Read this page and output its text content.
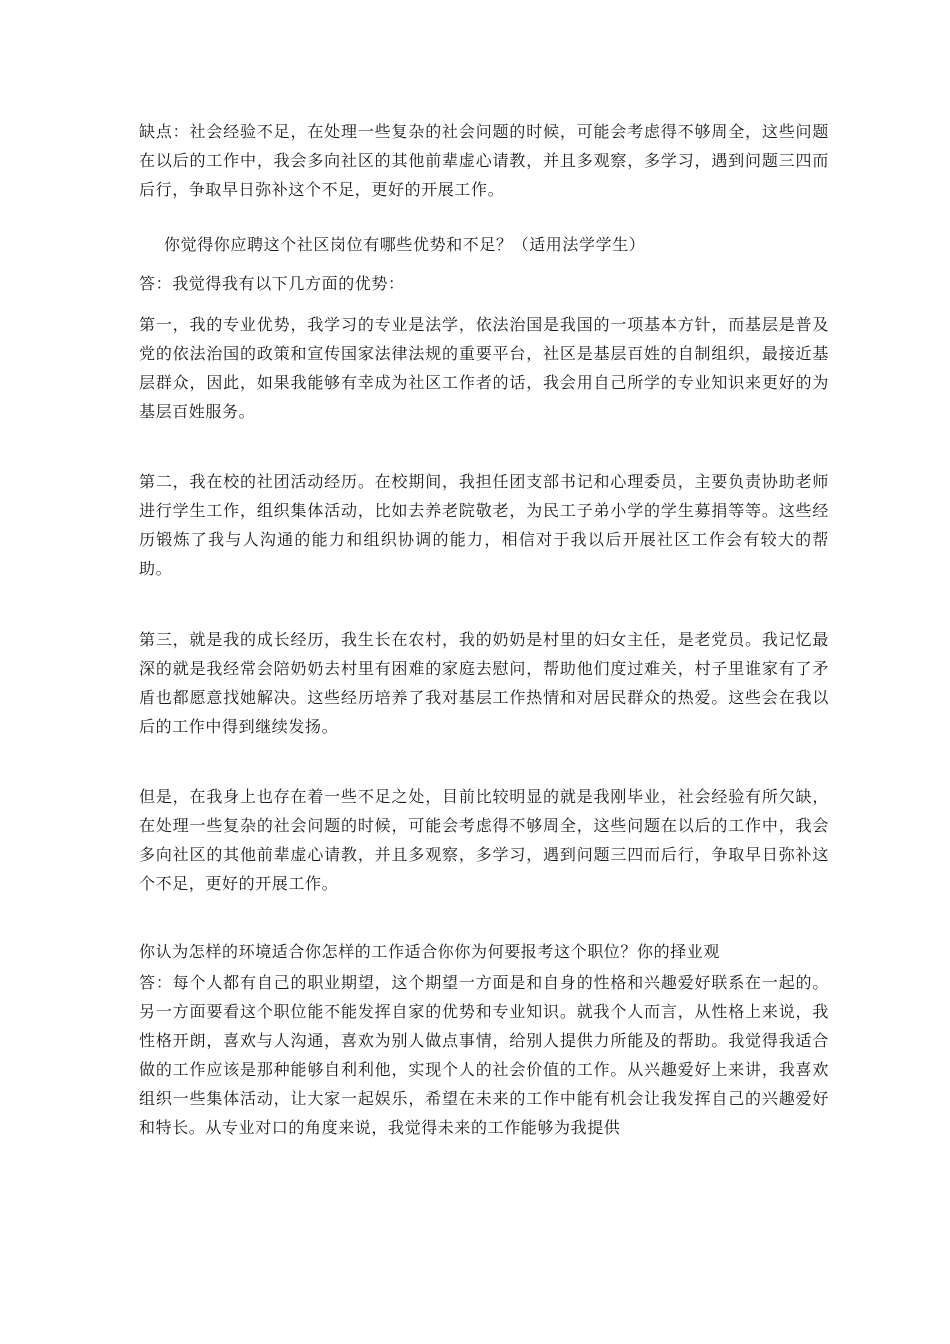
缺点：社会经验不足，在处理一些复杂的社会问题的时候，可能会考虑得不够周全，这些问题在以后的工作中，我会多向社区的其他前辈虚心请教，并且多观察，多学习，遇到问题三四而后行，争取早日弥补这个不足，更好的开展工作。

你觉得你应聘这个社区岗位有哪些优势和不足？（适用法学学生）

答：我觉得我有以下几方面的优势：

第一，我的专业优势，我学习的专业是法学，依法治国是我国的一项基本方针，而基层是普及党的依法治国的政策和宣传国家法律法规的重要平台，社区是基层百姓的自制组织，最接近基层群众，因此，如果我能够有幸成为社区工作者的话，我会用自己所学的专业知识来更好的为基层百姓服务。

第二，我在校的社团活动经历。在校期间，我担任团支部书记和心理委员，主要负责协助老师进行学生工作，组织集体活动，比如去养老院敬老，为民工子弟小学的学生募捐等等。这些经历锻炼了我与人沟通的能力和组织协调的能力，相信对于我以后开展社区工作会有较大的帮助。

第三，就是我的成长经历，我生长在农村，我的奶奶是村里的妇女主任，是老党员。我记忆最深的就是我经常会陪奶奶去村里有困难的家庭去慰问，帮助他们度过难关，村子里谁家有了矛盾也都愿意找她解决。这些经历培养了我对基层工作热情和对居民群众的热爱。这些会在我以后的工作中得到继续发扬。

但是，在我身上也存在着一些不足之处，目前比较明显的就是我刚毕业，社会经验有所欠缺，在处理一些复杂的社会问题的时候，可能会考虑得不够周全，这些问题在以后的工作中，我会多向社区的其他前辈虚心请教，并且多观察，多学习，遇到问题三四而后行，争取早日弥补这个不足，更好的开展工作。

你认为怎样的环境适合你怎样的工作适合你你为何要报考这个职位？你的择业观

答：每个人都有自己的职业期望，这个期望一方面是和自身的性格和兴趣爱好联系在一起的。另一方面要看这个职位能不能发挥自家的优势和专业知识。就我个人而言，从性格上来说，我性格开朗，喜欢与人沟通，喜欢为别人做点事情，给别人提供力所能及的帮助。我觉得我适合做的工作应该是那种能够自利利他，实现个人的社会价值的工作。从兴趣爱好上来讲，我喜欢组织一些集体活动，让大家一起娱乐，希望在未来的工作中能有机会让我发挥自己的兴趣爱好和特长。从专业对口的角度来说，我觉得未来的工作能够为我提供
